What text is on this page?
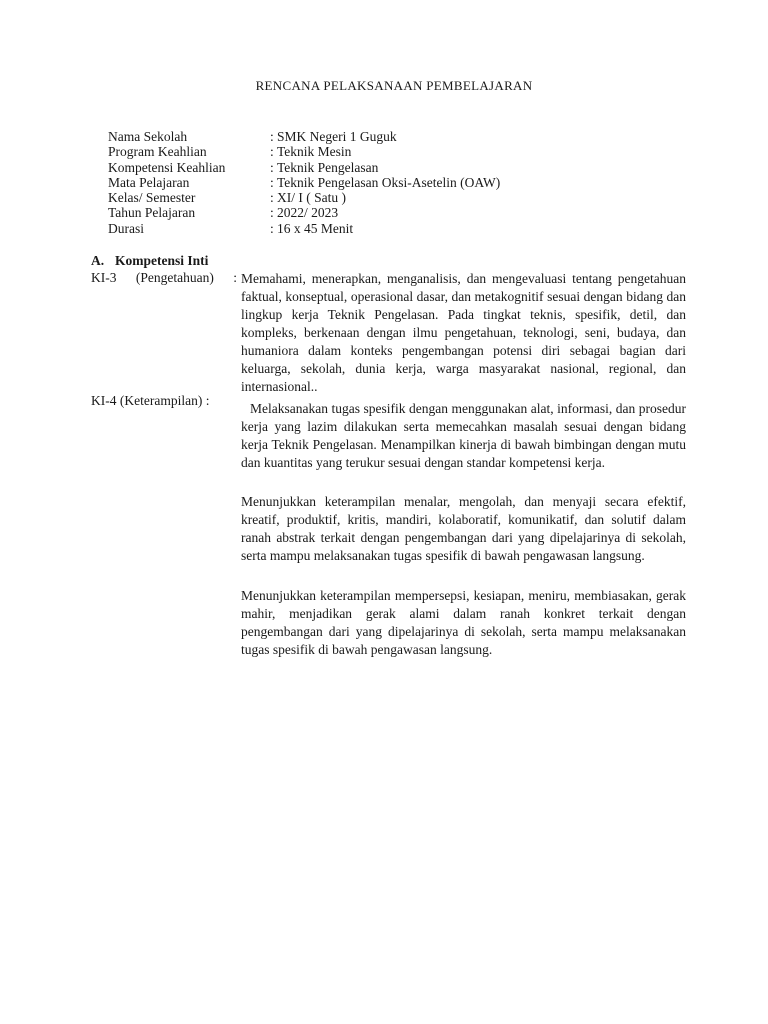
RENCANA PELAKSANAAN PEMBELAJARAN
Nama Sekolah	: SMK Negeri 1 Guguk
Program Keahlian	: Teknik Mesin
Kompetensi Keahlian	: Teknik Pengelasan
Mata Pelajaran	: Teknik Pengelasan Oksi-Asetelin (OAW)
Kelas/ Semester	: XI/ I ( Satu )
Tahun Pelajaran	: 2022/ 2023
Durasi	: 16 x 45 Menit
A. Kompetensi Inti
KI-3 (Pengetahuan) : Memahami, menerapkan, menganalisis, dan mengevaluasi tentang pengetahuan faktual, konseptual, operasional dasar, dan metakognitif sesuai dengan bidang dan lingkup kerja Teknik Pengelasan. Pada tingkat teknis, spesifik, detil, dan kompleks, berkenaan dengan ilmu pengetahuan, teknologi, seni, budaya, dan humaniora dalam konteks pengembangan potensi diri sebagai bagian dari keluarga, sekolah, dunia kerja, warga masyarakat nasional, regional, dan internasional..

KI-4 (Keterampilan) :

Melaksanakan tugas spesifik dengan menggunakan alat, informasi, dan prosedur kerja yang lazim dilakukan serta memecahkan masalah sesuai dengan bidang kerja Teknik Pengelasan. Menampilkan kinerja di bawah bimbingan dengan mutu dan kuantitas yang terukur sesuai dengan standar kompetensi kerja.

Menunjukkan keterampilan menalar, mengolah, dan menyaji secara efektif, kreatif, produktif, kritis, mandiri, kolaboratif, komunikatif, dan solutif dalam ranah abstrak terkait dengan pengembangan dari yang dipelajarinya di sekolah, serta mampu melaksanakan tugas spesifik di bawah pengawasan langsung.

Menunjukkan keterampilan mempersepsi, kesiapan, meniru, membiasakan, gerak mahir, menjadikan gerak alami dalam ranah konkret terkait dengan pengembangan dari yang dipelajarinya di sekolah, serta mampu melaksanakan tugas spesifik di bawah pengawasan langsung.
